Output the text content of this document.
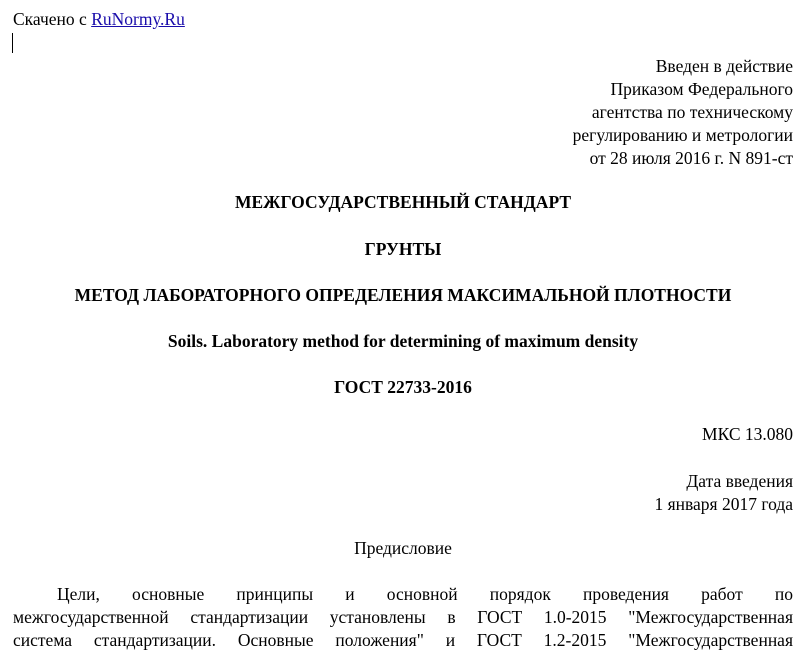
Скачено с RuNormy.Ru
Введен в действие
Приказом Федерального
агентства по техническому
регулированию и метрологии
от 28 июля 2016 г. N 891-ст
МЕЖГОСУДАРСТВЕННЫЙ СТАНДАРТ
ГРУНТЫ
МЕТОД ЛАБОРАТОРНОГО ОПРЕДЕЛЕНИЯ МАКСИМАЛЬНОЙ ПЛОТНОСТИ
Soils. Laboratory method for determining of maximum density
ГОСТ 22733-2016
МКС 13.080
Дата введения
1 января 2017 года
Предисловие
Цели, основные принципы и основной порядок проведения работ по
межгосударственной стандартизации установлены в ГОСТ 1.0-2015 "Межгосударственная
система стандартизации. Основные положения" и ГОСТ 1.2-2015 "Межгосударственная
